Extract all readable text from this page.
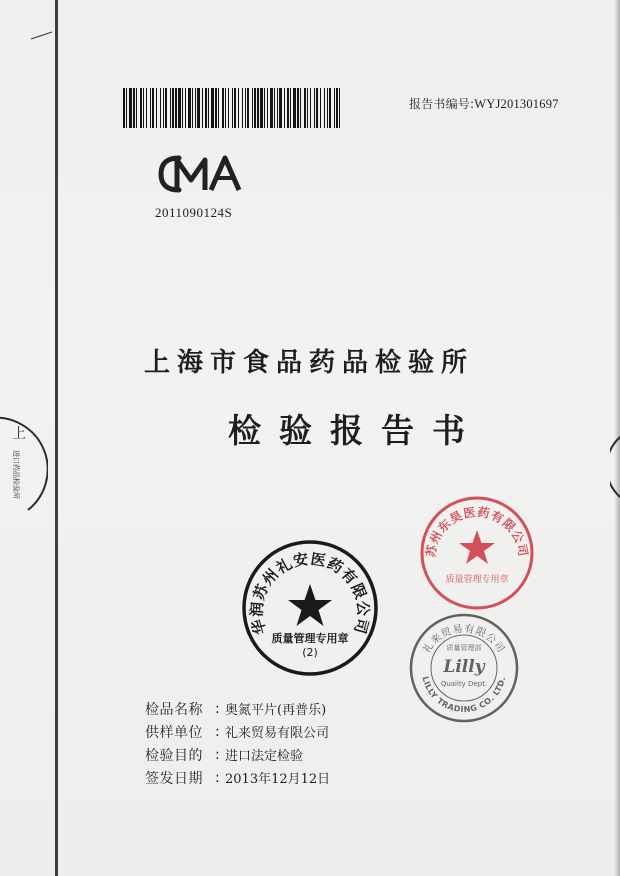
报告书编号:WYJ201301697
2011090124S
上海市食品药品检验所
检验报告书
上
进口药品检验所
华润苏州礼安医药有限公司
质量管理专用章
(2)
苏州东昊医药有限公司
质量管理专用章
礼来贸易有限公司
LILLY TRADING CO. LTD.
质量管理部
Lilly
Quality Dept.
检品名称 : 奥氮平片(再普乐)
供样单位 : 礼来贸易有限公司
检验目的 : 进口法定检验
签发日期 : 2013年12月12日
